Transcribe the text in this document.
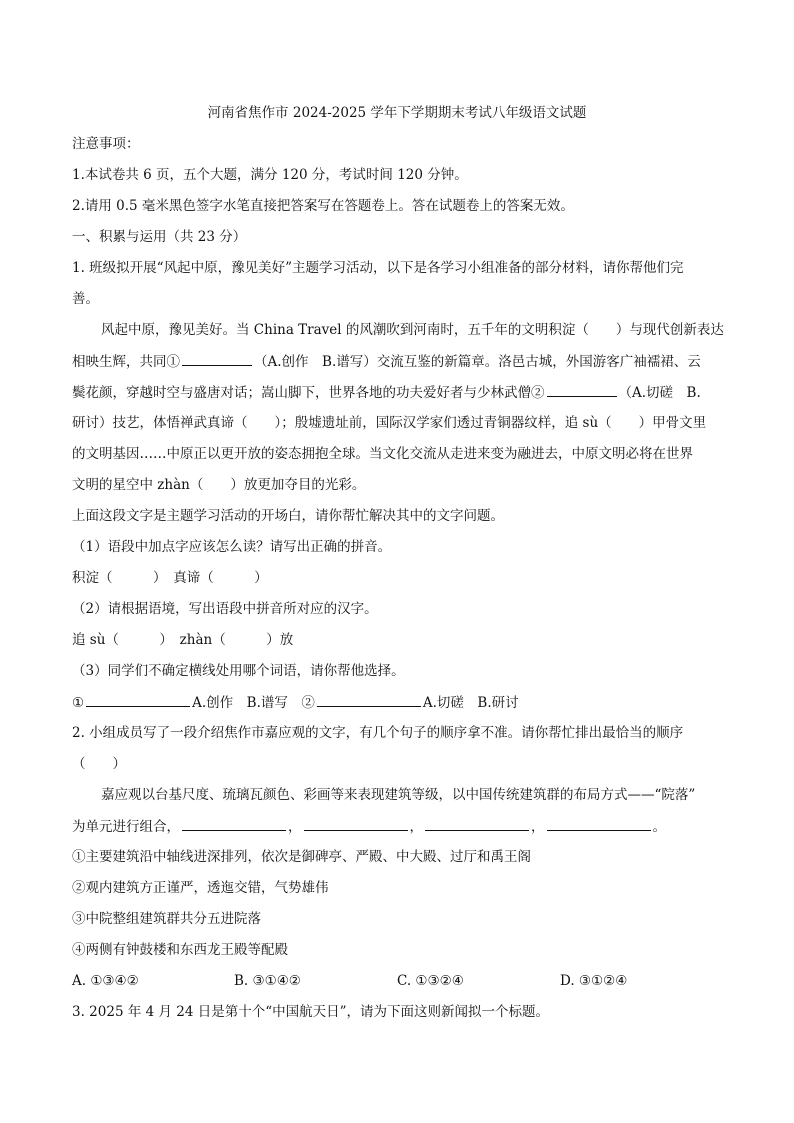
河南省焦作市 2024-2025 学年下学期期末考试八年级语文试题
注意事项：
1.本试卷共 6 页，五个大题，满分 120 分，考试时间 120 分钟。
2.请用 0.5 毫米黑色签字水笔直接把答案写在答题卷上。答在试题卷上的答案无效。
一、积累与运用（共 23 分）
1. 班级拟开展“风起中原，豫见美好”主题学习活动，以下是各学习小组准备的部分材料，请你帮他们完
善。
风起中原，豫见美好。当 China Travel 的风潮吹到河南时，五千年的文明积淀（　　）与现代创新表达
相映生辉，共同①	（A.创作　B.谱写）交流互鉴的新篇章。洛邑古城，外国游客广袖襦裙、云
鬓花颜，穿越时空与盛唐对话；嵩山脚下，世界各地的功夫爱好者与少林武僧②	（A.切磋　B.
研讨）技艺，体悟禅武真谛（　　）；殷墟遗址前，国际汉学家们透过青铜器纹样，追 sù（　　）甲骨文里
的文明基因……中原正以更开放的姿态拥抱全球。当文化交流从走进来变为融进去，中原文明必将在世界
文明的星空中 zhàn（　　）放更加夺目的光彩。
上面这段文字是主题学习活动的开场白，请你帮忙解决其中的文字问题。
（1）语段中加点字应该怎么读？请写出正确的拼音。
积淀（　　　）　真谛（　　　）
（2）请根据语境，写出语段中拼音所对应的汉字。
追 sù（　　　）　zhàn（　　　）放
（3）同学们不确定横线处用哪个词语，请你帮他选择。
①	A.创作　B.谱写　②	A.切磋　B.研讨
2. 小组成员写了一段介绍焦作市嘉应观的文字，有几个句子的顺序拿不准。请你帮忙排出最恰当的顺序
（　　）
嘉应观以台基尺度、琉璃瓦颜色、彩画等来表现建筑等级，以中国传统建筑群的布局方式——“院落”
为单元进行组合，	，	，	，	。
①主要建筑沿中轴线进深排列，依次是御碑亭、严殿、中大殿、过厅和禹王阁
②观内建筑方正谨严，透迤交错，气势雄伟
③中院整组建筑群共分五进院落
④两侧有钟鼓楼和东西龙王殿等配殿
A. ①③④②	B. ③①④②	C. ①③②④	D. ③①②④
3. 2025 年 4 月 24 日是第十个“中国航天日”，请为下面这则新闻拟一个标题。
